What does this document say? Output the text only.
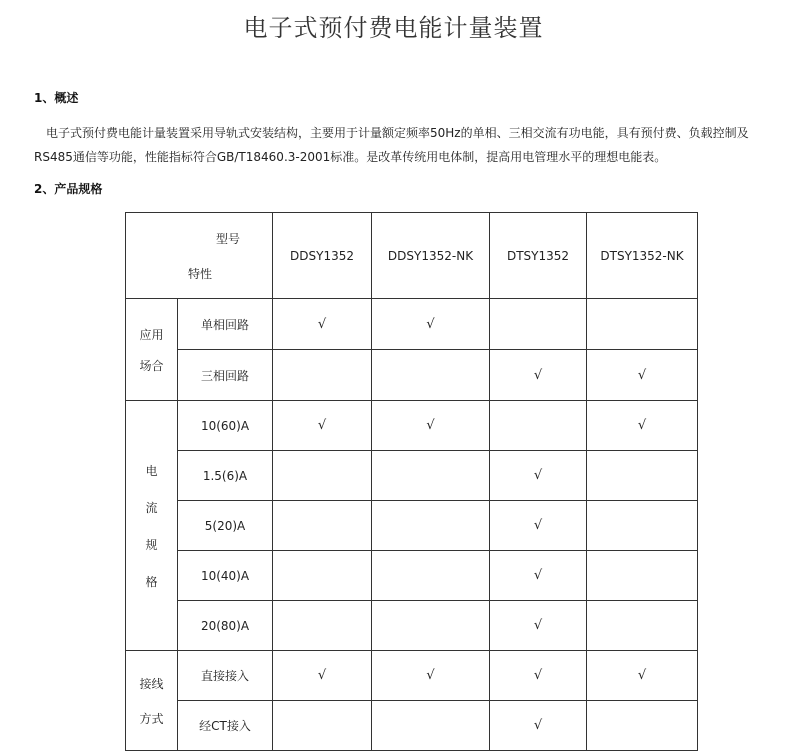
电子式预付费电能计量装置
1、概述
电子式预付费电能计量装置采用导轨式安装结构，主要用于计量额定频率50Hz的单相、三相交流有功电能，具有预付费、负载控制及
RS485通信等功能，性能指标符合GB/T18460.3-2001标准。是改革传统用电体制，提高用电管理水平的理想电能表。
2、产品规格
型号
特性		DDSY1352	DDSY1352-NK	DTSY1352	DTSY1352-NK

应用
场合	单相回路	√	√		
	三相回路			√	√

电
流
规
格	10(60)A	√	√		√
	1.5(6)A			√	
	5(20)A			√	
	10(40)A			√	
	20(80)A			√	

接线
方式	直接接入	√	√	√	√
	经CT接入			√	
